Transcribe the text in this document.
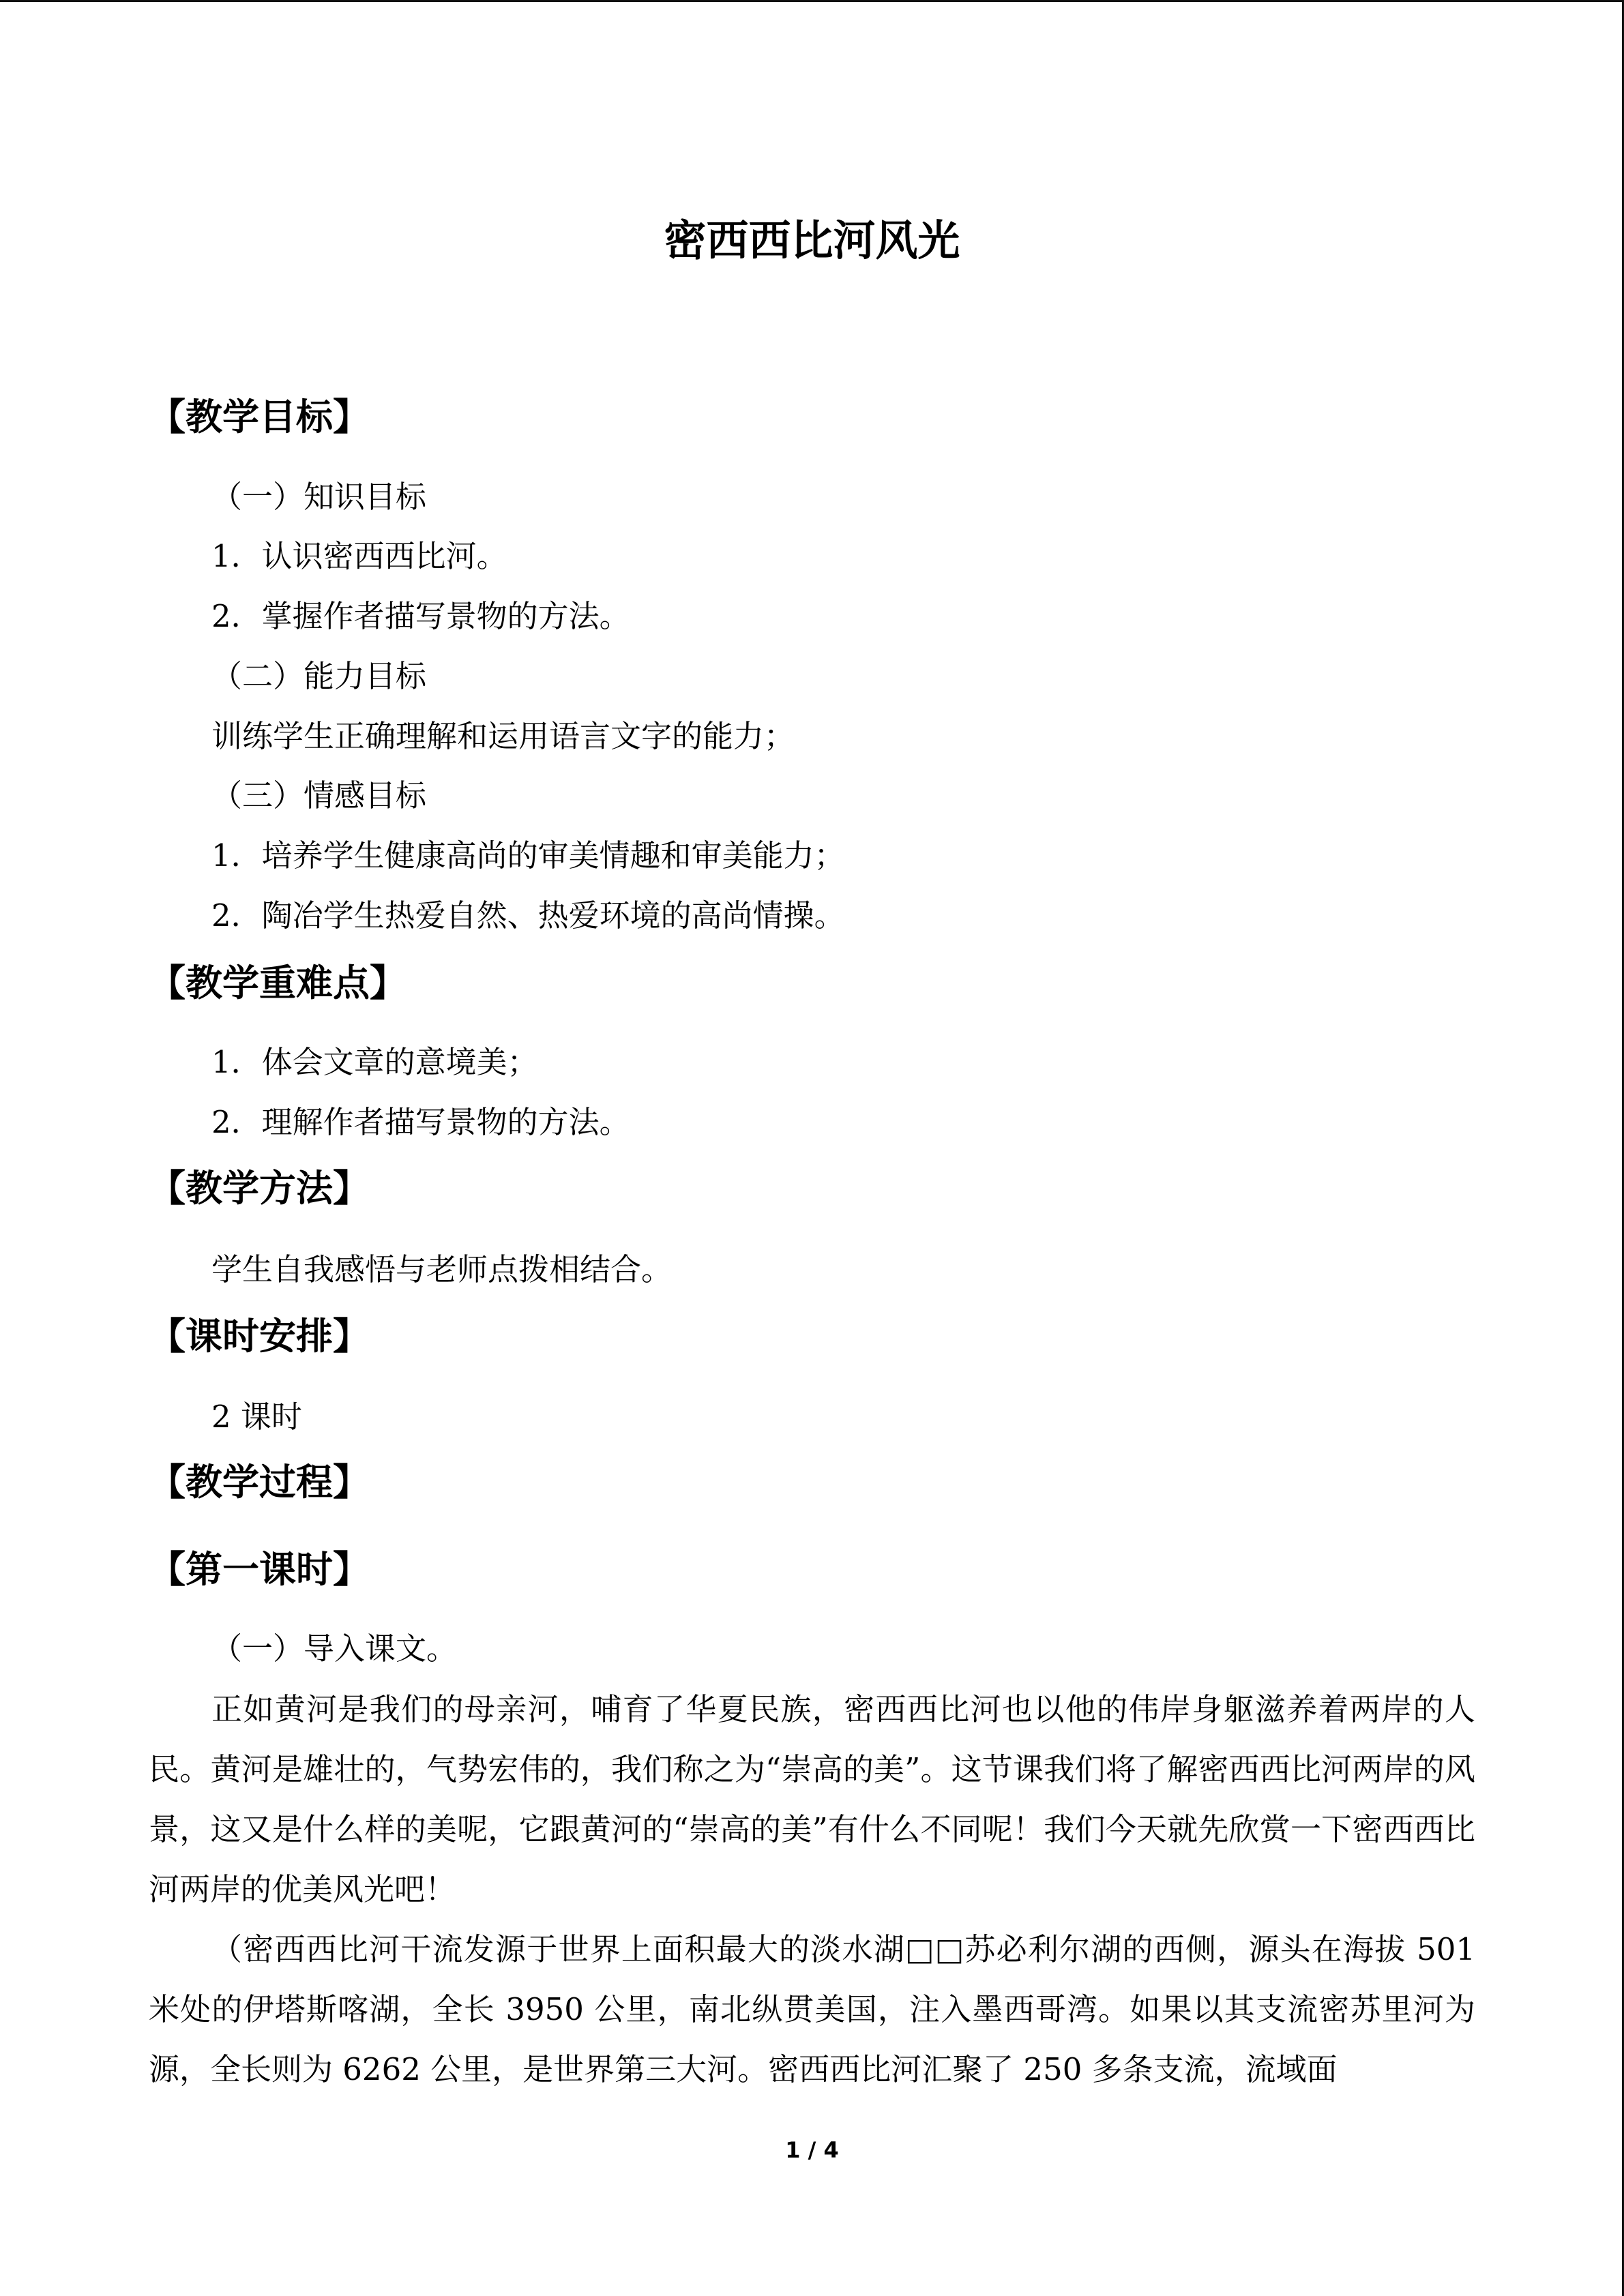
密西西比河风光
【教学目标】
（一）知识目标
1．认识密西西比河。
2．掌握作者描写景物的方法。
（二）能力目标
训练学生正确理解和运用语言文字的能力；
（三）情感目标
1．培养学生健康高尚的审美情趣和审美能力；
2．陶冶学生热爱自然、热爱环境的高尚情操。
【教学重难点】
1．体会文章的意境美；
2．理解作者描写景物的方法。
【教学方法】
学生自我感悟与老师点拨相结合。
【课时安排】
2 课时
【教学过程】
【第一课时】
（一）导入课文。
正如黄河是我们的母亲河，哺育了华夏民族，密西西比河也以他的伟岸身躯滋养着两岸的人民。黄河是雄壮的，气势宏伟的，我们称之为“崇高的美”。这节课我们将了解密西西比河两岸的风景，这又是什么样的美呢，它跟黄河的“崇高的美”有什么不同呢！我们今天就先欣赏一下密西西比河两岸的优美风光吧！
（密西西比河干流发源于世界上面积最大的淡水湖□□苏必利尔湖的西侧，源头在海拔 501 米处的伊塔斯喀湖，全长 3950 公里，南北纵贯美国，注入墨西哥湾。如果以其支流密苏里河为源，全长则为 6262 公里，是世界第三大河。密西西比河汇聚了 250 多条支流，流域面
1 / 4
